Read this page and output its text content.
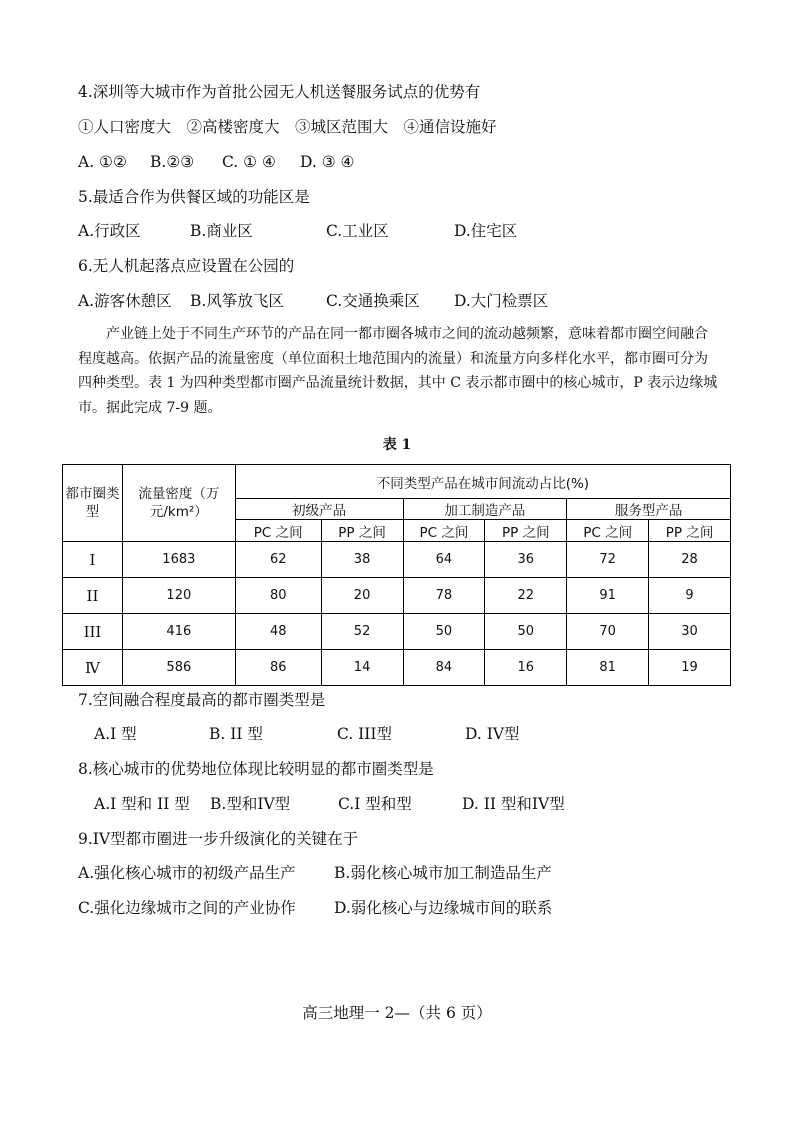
4.深圳等大城市作为首批公园无人机送餐服务试点的优势有
①人口密度大　②高楼密度大　③城区范围大　④通信设施好
A. ①② B.②③ C. ① ④ D. ③ ④
5.最适合作为供餐区域的功能区是
A.行政区	B.商业区	C.工业区	D.住宅区
6.无人机起落点应设置在公园的
A.游客休憩区 B.风筝放飞区	C.交通换乘区 D.大门检票区

产业链上处于不同生产环节的产品在同一都市圈各城市之间的流动越频繁，意味着都市圈空间融合程度越高。依据产品的流量密度（单位面积土地范围内的流量）和流量方向多样化水平，都市圈可分为四种类型。表 1 为四种类型都市圈产品流量统计数据，其中 C 表示都市圈中的核心城市，P 表示边缘城市。据此完成 7-9 题。

表 1
都市圈类型	流量密度（万元/km²）	不同类型产品在城市间流动占比(%)					
		初级产品		加工制造产品		服务型产品	
		PC 之间	PP 之间	PC 之间	PP 之间	PC 之间	PP 之间
I	1683	62	38	64	36	72	28
II	120	80	20	78	22	91	9
III	416	48	52	50	50	70	30
Ⅳ	586	86	14	84	16	81	19
7.空间融合程度最高的都市圈类型是
A.I 型	B. II 型	C. III型	D. IV型
8.核心城市的优势地位体现比较明显的都市圈类型是
A.I 型和 II 型 B.型和IV型	C.I 型和型	D. II 型和IV型
9.IV型都市圈进一步升级演化的关键在于
A.强化核心城市的初级产品生产 B.弱化核心城市加工制造品生产
C.强化边缘城市之间的产业协作 D.弱化核心与边缘城市间的联系
高三地理一 2—（共 6 页）
